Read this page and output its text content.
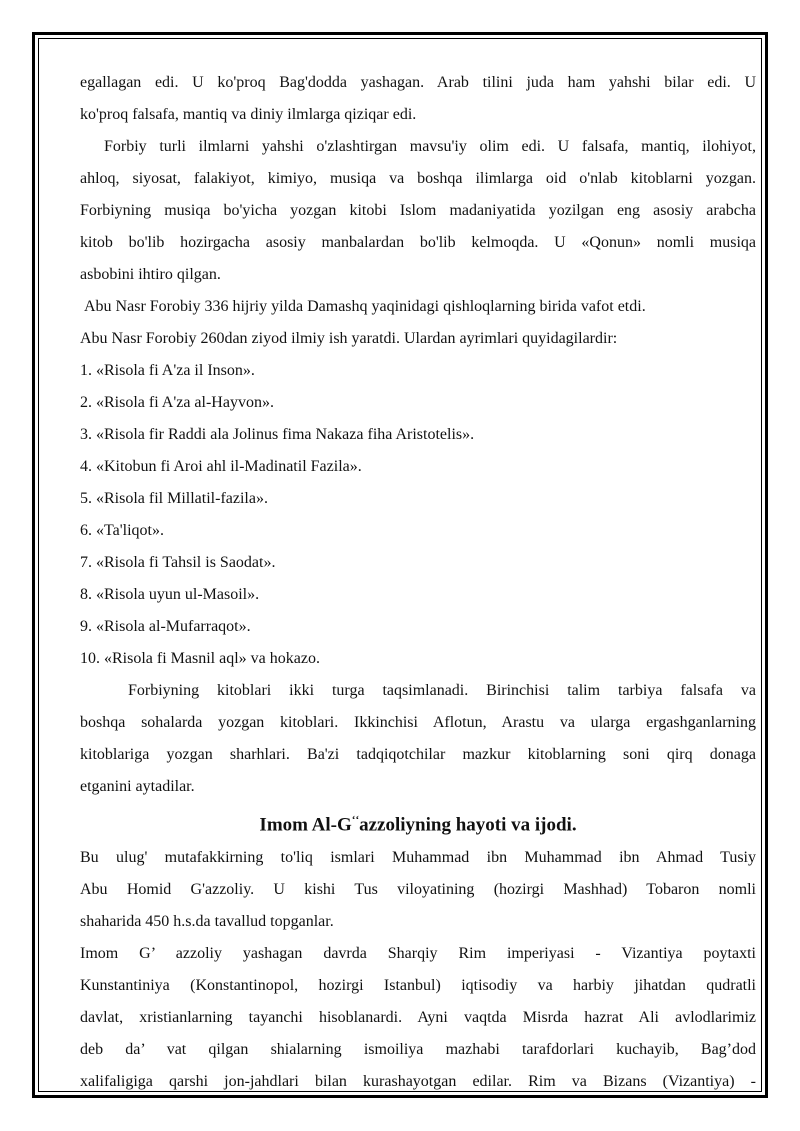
egallagan edi. U ko'proq Bag'dodda yashagan. Arab tilini juda ham yahshi bilar edi. U

ko'proq falsafa, mantiq va diniy ilmlarga qiziqar edi.

Forbiy turli ilmlarni yahshi o'zlashtirgan mavsu'iy olim edi. U falsafa, mantiq, ilohiyot,

ahloq, siyosat, falakiyot, kimiyo, musiqa va boshqa ilimlarga oid o'nlab kitoblarni yozgan.

Forbiyning musiqa bo'yicha yozgan kitobi Islom madaniyatida yozilgan eng asosiy arabcha

kitob bo'lib hozirgacha asosiy manbalardan bo'lib kelmoqda. U «Qonun» nomli musiqa

asbobini ihtiro qilgan.

Abu Nasr Forobiy 336 hijriy yilda Damashq yaqinidagi qishloqlarning birida vafot etdi.

Abu Nasr Forobiy 260dan ziyod ilmiy ish yaratdi. Ulardan ayrimlari quyidagilardir:

1. «Risola fi A'za il Inson».

2. «Risola fi A'za al-Hayvon».

3. «Risola fir Raddi ala Jolinus fima Nakaza fiha Aristotelis».

4. «Kitobun fi Aroi ahl il-Madinatil Fazila».

5. «Risola fil Millatil-fazila».

6. «Ta'liqot».

7. «Risola fi Tahsil is Saodat».

8. «Risola uyun ul-Masoil».

9. «Risola al-Mufarraqot».

10. «Risola fi Masnil aql» va hokazo.

Forbiyning kitoblari ikki turga taqsimlanadi. Birinchisi talim tarbiya falsafa va

boshqa sohalarda yozgan kitoblari. Ikkinchisi Aflotun, Arastu va ularga ergashganlarning

kitoblariga yozgan sharhlari. Ba'zi tadqiqotchilar mazkur kitoblarning soni qirq donaga

etganini aytadilar.

Imom $Al-G^{ʻʻ}azzoliyning$ hayoti va ijodi.

Bu ulug' mutafakkirning to'liq ismlari Muhammad ibn Muhammad ibn Ahmad Tusiy

Abu Homid G'azzoliy. U kishi Tus viloyatining (hozirgi Mashhad) Tobaron nomli

shaharida 450 h.s.da tavallud topganlar.

Imom G’ azzoliy yashagan davrda Sharqiy Rim imperiyasi - Vizantiya poytaxti

Kunstantiniya (Konstantinopol, hozirgi Istanbul) iqtisodiy va harbiy jihatdan qudratli

davlat, xristianlarning tayanchi hisoblanardi. Ayni vaqtda Misrda hazrat Ali avlodlarimiz

deb da’ vat qilgan shialarning ismoiliya mazhabi tarafdorlari kuchayib, Bag’dod

xalifaligiga qarshi jon-jahdlari bilan kurashayotgan edilar. Rim va Bizans (Vizantiya) -
